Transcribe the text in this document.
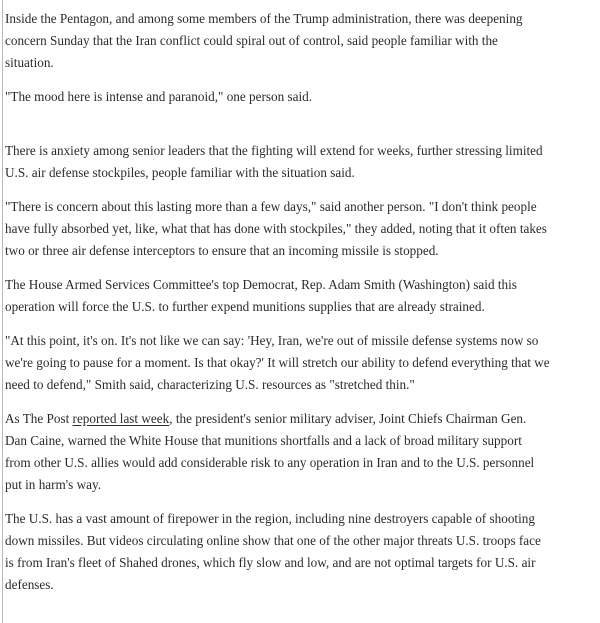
Inside the Pentagon, and among some members of the Trump administration, there was deepening
concern Sunday that the Iran conflict could spiral out of control, said people familiar with the
situation.
"The mood here is intense and paranoid," one person said.
There is anxiety among senior leaders that the fighting will extend for weeks, further stressing limited
U.S. air defense stockpiles, people familiar with the situation said.
"There is concern about this lasting more than a few days," said another person. "I don't think people
have fully absorbed yet, like, what that has done with stockpiles," they added, noting that it often takes
two or three air defense interceptors to ensure that an incoming missile is stopped.
The House Armed Services Committee's top Democrat, Rep. Adam Smith (Washington) said this
operation will force the U.S. to further expend munitions supplies that are already strained.
"At this point, it's on. It's not like we can say: 'Hey, Iran, we're out of missile defense systems now so
we're going to pause for a moment. Is that okay?' It will stretch our ability to defend everything that we
need to defend," Smith said, characterizing U.S. resources as "stretched thin."
As The Post reported last week, the president's senior military adviser, Joint Chiefs Chairman Gen.
Dan Caine, warned the White House that munitions shortfalls and a lack of broad military support
from other U.S. allies would add considerable risk to any operation in Iran and to the U.S. personnel
put in harm's way.
The U.S. has a vast amount of firepower in the region, including nine destroyers capable of shooting
down missiles. But videos circulating online show that one of the other major threats U.S. troops face
is from Iran's fleet of Shahed drones, which fly slow and low, and are not optimal targets for U.S. air
defenses.
